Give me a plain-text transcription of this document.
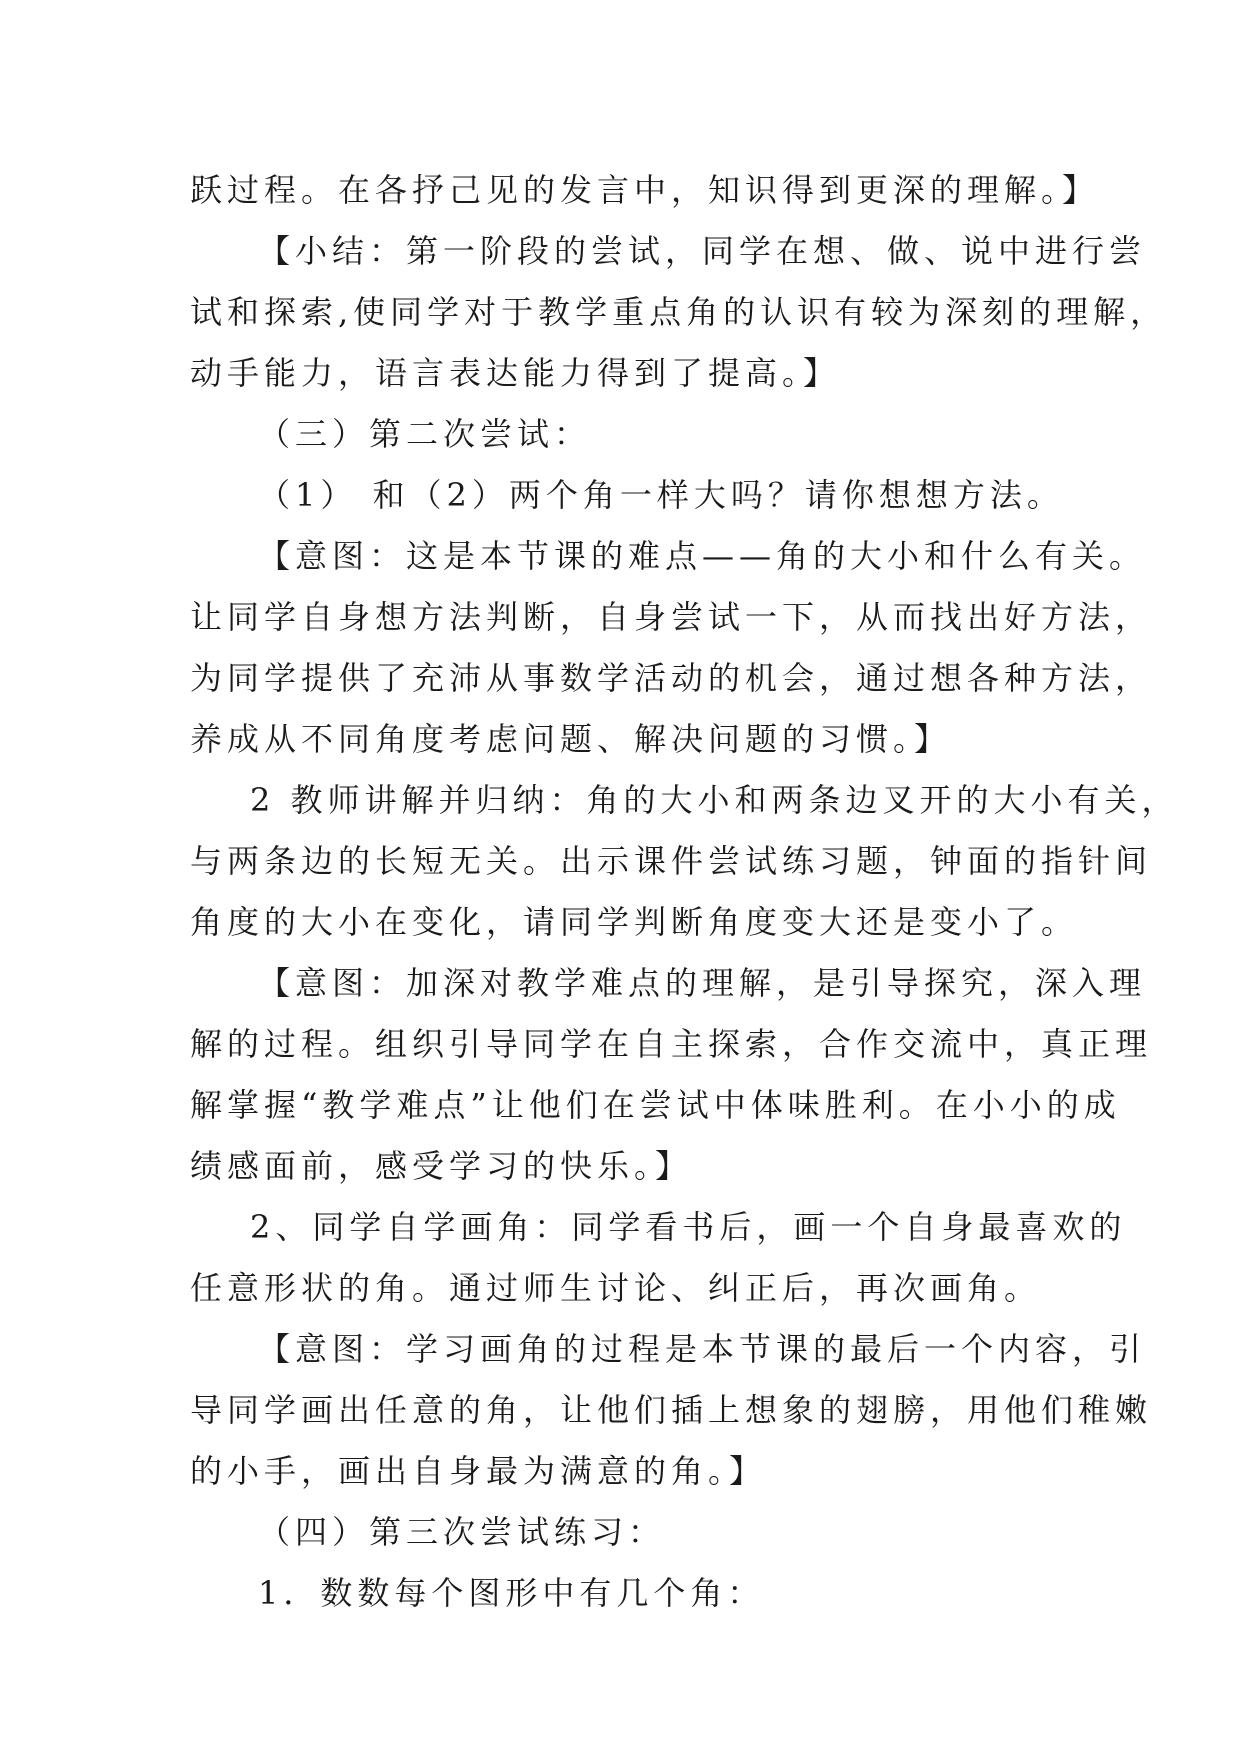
跃过程。在各抒己见的发言中，知识得到更深的理解。】
【小结：第一阶段的尝试，同学在想、做、说中进行尝
试和探索,使同学对于教学重点角的认识有较为深刻的理解，
动手能力，语言表达能力得到了提高。】
（三）第二次尝试：
（1） 和（2）两个角一样大吗？请你想想方法。
【意图：这是本节课的难点——角的大小和什么有关。
让同学自身想方法判断，自身尝试一下，从而找出好方法，
为同学提供了充沛从事数学活动的机会，通过想各种方法，
养成从不同角度考虑问题、解决问题的习惯。】
2 教师讲解并归纳：角的大小和两条边叉开的大小有关，
与两条边的长短无关。出示课件尝试练习题，钟面的指针间
角度的大小在变化，请同学判断角度变大还是变小了。
【意图：加深对教学难点的理解，是引导探究，深入理
解的过程。组织引导同学在自主探索，合作交流中，真正理
解掌握“教学难点”让他们在尝试中体味胜利。在小小的成
绩感面前，感受学习的快乐。】
2、同学自学画角：同学看书后，画一个自身最喜欢的
任意形状的角。通过师生讨论、纠正后，再次画角。
【意图：学习画角的过程是本节课的最后一个内容，引
导同学画出任意的角，让他们插上想象的翅膀，用他们稚嫩
的小手，画出自身最为满意的角。】
（四）第三次尝试练习：
1．数数每个图形中有几个角：
